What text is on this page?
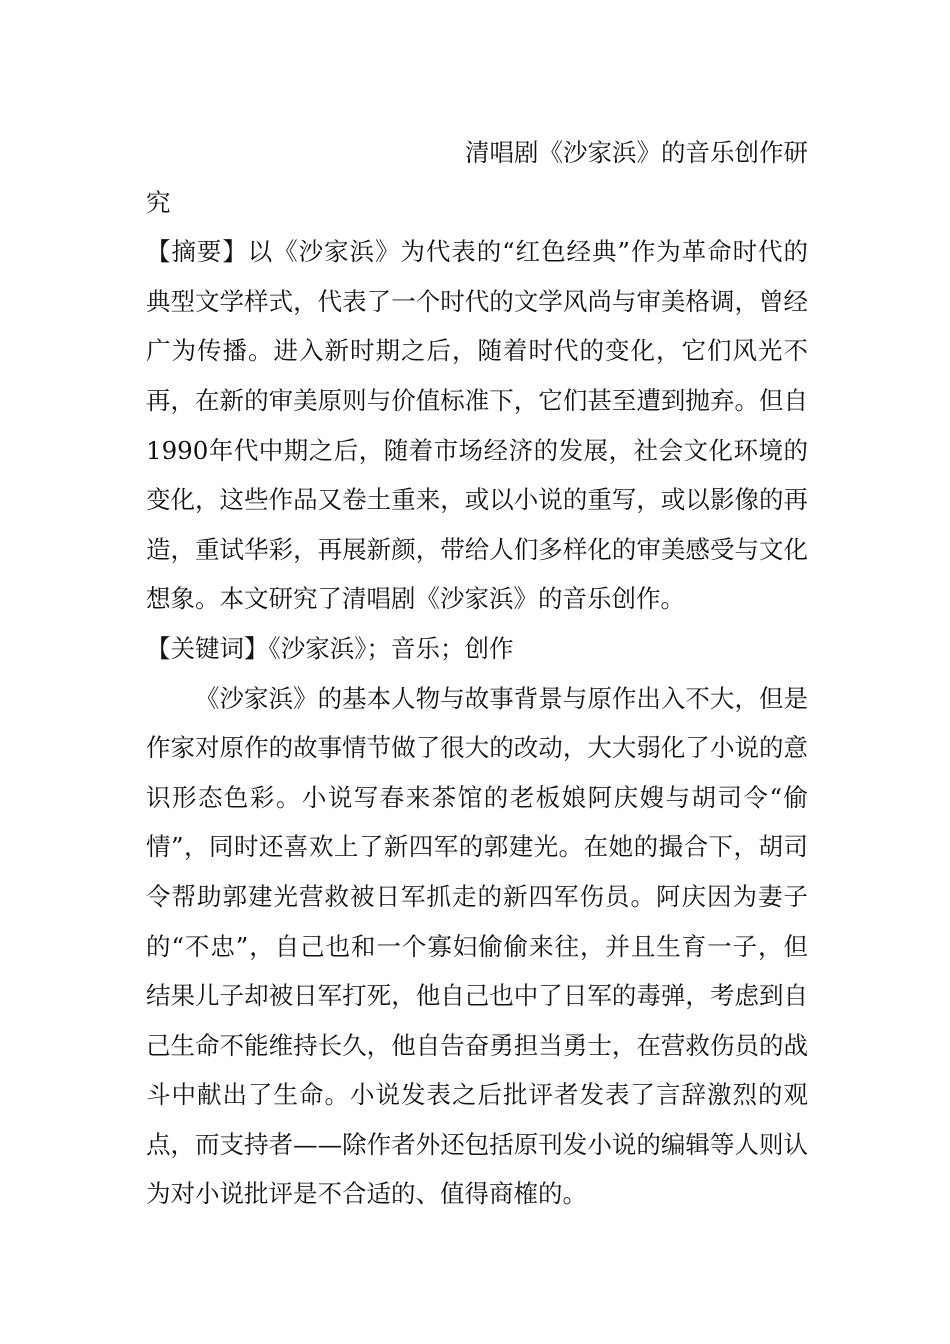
清唱剧《沙家浜》的音乐创作研

究

【摘要】以《沙家浜》为代表的“红色经典”作为革命时代的典型文学样式，代表了一个时代的文学风尚与审美格调，曾经广为传播。进入新时期之后，随着时代的变化，它们风光不再，在新的审美原则与价值标准下，它们甚至遭到抛弃。但自1990年代中期之后，随着市场经济的发展，社会文化环境的变化，这些作品又卷土重来，或以小说的重写，或以影像的再造，重试华彩，再展新颜，带给人们多样化的审美感受与文化想象。本文研究了清唱剧《沙家浜》的音乐创作。

【关键词】《沙家浜》；音乐；创作

《沙家浜》的基本人物与故事背景与原作出入不大，但是作家对原作的故事情节做了很大的改动，大大弱化了小说的意识形态色彩。小说写春来茶馆的老板娘阿庆嫂与胡司令“偷情”，同时还喜欢上了新四军的郭建光。在她的撮合下，胡司令帮助郭建光营救被日军抓走的新四军伤员。阿庆因为妻子的“不忠”，自己也和一个寡妇偷偷来往，并且生育一子，但结果儿子却被日军打死，他自己也中了日军的毒弹，考虑到自己生命不能维持长久，他自告奋勇担当勇士，在营救伤员的战斗中献出了生命。小说发表之后批评者发表了言辞激烈的观点，而支持者——除作者外还包括原刊发小说的编辑等人则认为对小说批评是不合适的、值得商榷的。
